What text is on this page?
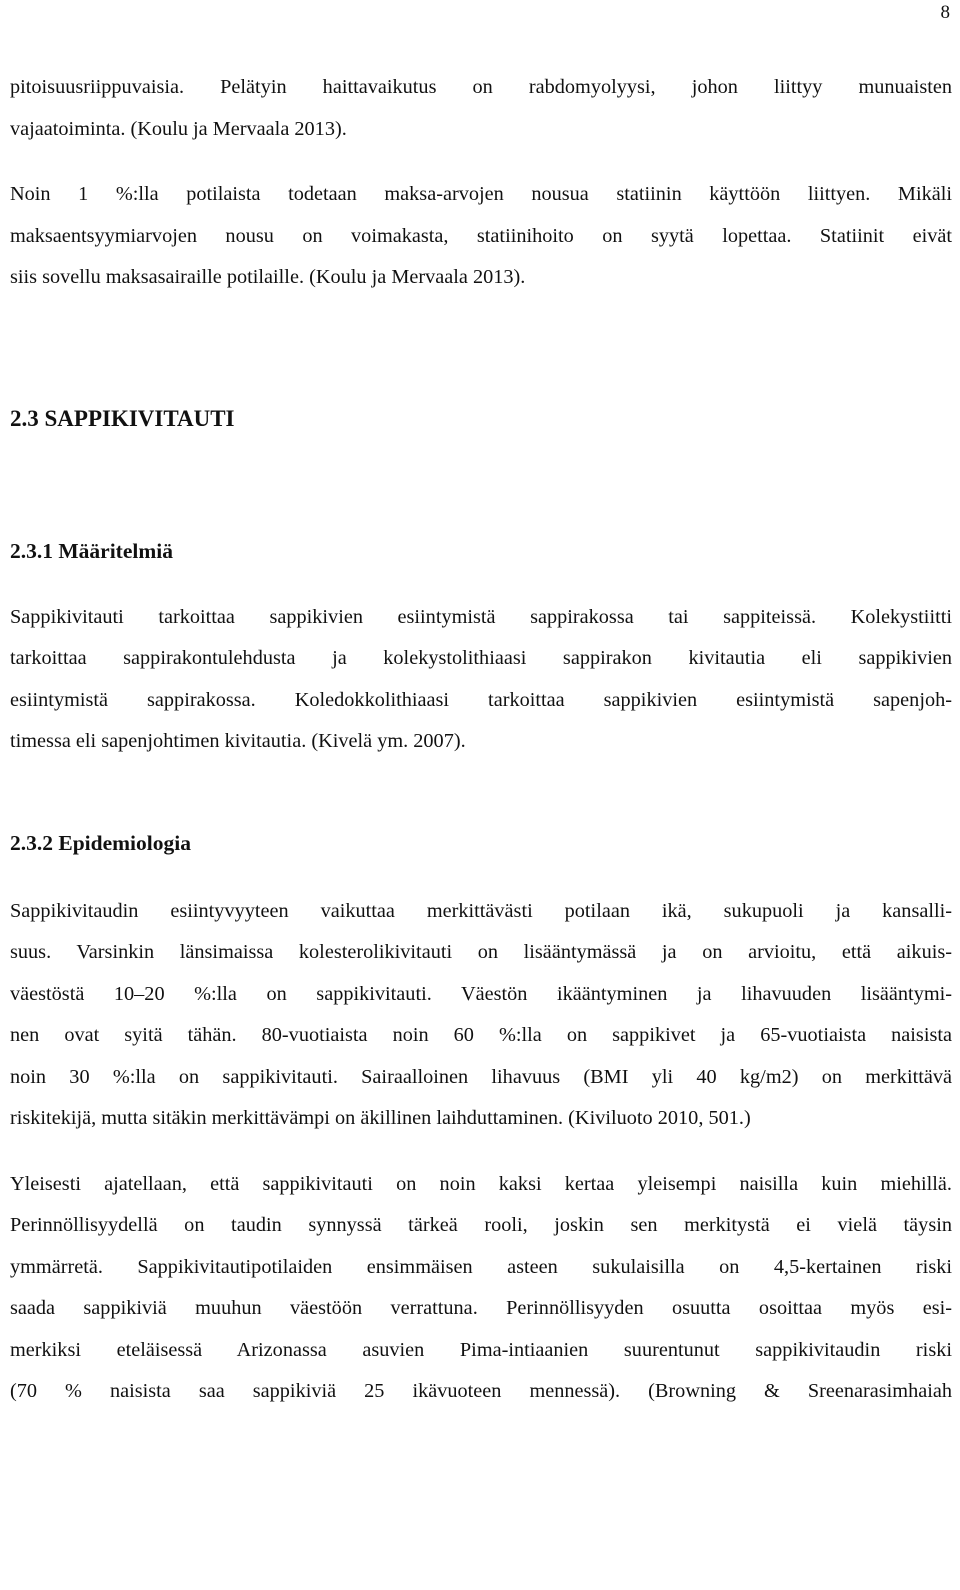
8
pitoisuusriippuvaisia. Pelätyin haittavaikutus on rabdomyolyysi, johon liittyy munuaisten
vajaatoiminta. (Koulu ja Mervaala 2013).
Noin 1 %:lla potilaista todetaan maksa-arvojen nousua statiinin käyttöön liittyen. Mikäli
maksaentsyymiarvojen nousu on voimakasta, statiinihoito on syytä lopettaa. Statiinit eivät
siis sovellu maksasairaille potilaille. (Koulu ja Mervaala 2013).
2.3 SAPPIKIVITAUTI
2.3.1 Määritelmiä
Sappikivitauti tarkoittaa sappikivien esiintymistä sappirakossa tai sappiteissä. Kolekystiitti
tarkoittaa sappirakontulehdusta ja kolekystolithiaasi sappirakon kivitautia eli sappikivien
esiintymistä sappirakossa. Koledokkolithiaasi tarkoittaa sappikivien esiintymistä sapenjoh-
timessa eli sapenjohtimen kivitautia. (Kivelä ym. 2007).
2.3.2 Epidemiologia
Sappikivitaudin esiintyvyyteen vaikuttaa merkittävästi potilaan ikä, sukupuoli ja kansalli-
suus. Varsinkin länsimaissa kolesterolikivitauti on lisääntymässä ja on arvioitu, että aikuis-
väestöstä 10–20 %:lla on sappikivitauti. Väestön ikääntyminen ja lihavuuden lisääntymi-
nen ovat syitä tähän. 80-vuotiaista noin 60 %:lla on sappikivet ja 65-vuotiaista naisista
noin 30 %:lla on sappikivitauti. Sairaalloinen lihavuus (BMI yli 40 kg/m2) on merkittävä
riskitekijä, mutta sitäkin merkittävämpi on äkillinen laihduttaminen. (Kiviluoto 2010, 501.)
Yleisesti ajatellaan, että sappikivitauti on noin kaksi kertaa yleisempi naisilla kuin miehillä.
Perinnöllisyydellä on taudin synnyssä tärkeä rooli, joskin sen merkitystä ei vielä täysin
ymmärretä. Sappikivitautipotilaiden ensimmäisen asteen sukulaisilla on 4,5-kertainen riski
saada sappikiviä muuhun väestöön verrattuna. Perinnöllisyyden osuutta osoittaa myös esi-
merkiksi eteläisessä Arizonassa asuvien Pima-intiaanien suurentunut sappikivitaudin riski
(70 % naisista saa sappikiviä 25 ikävuoteen mennessä). (Browning & Sreenarasimhaiah
